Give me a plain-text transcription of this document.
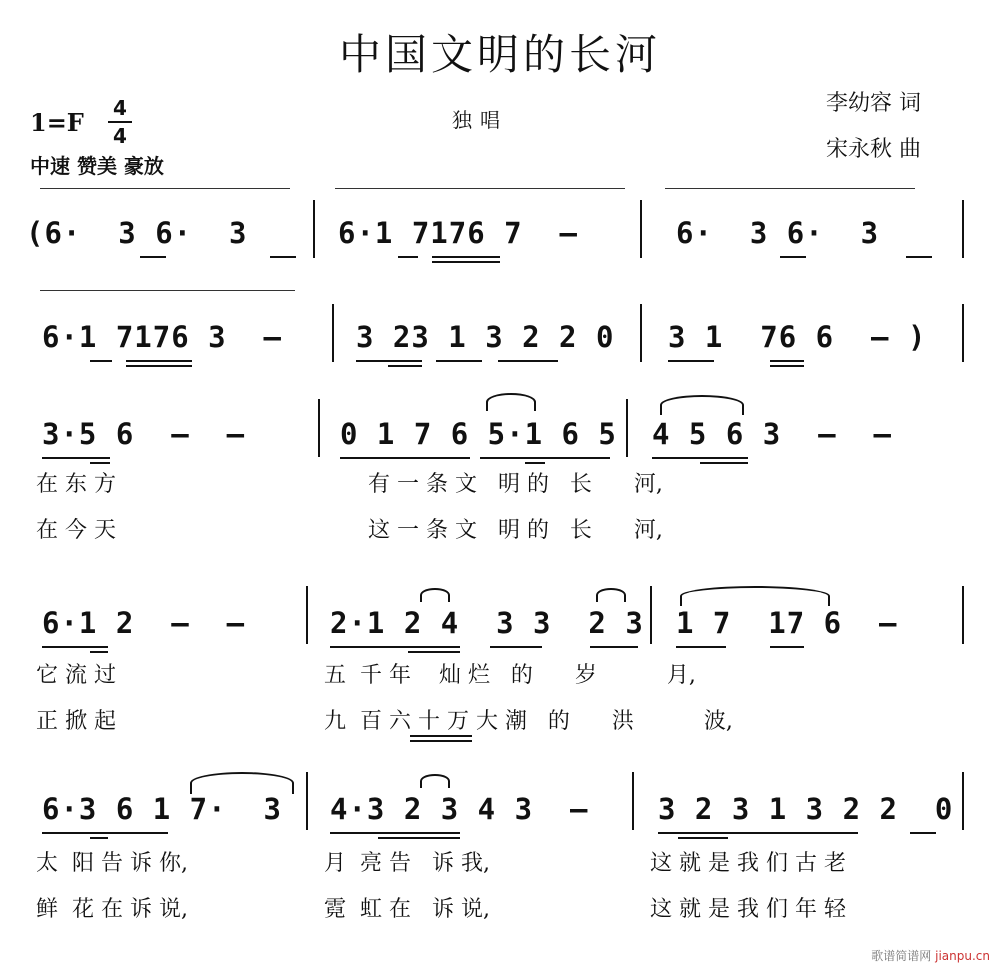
中国文明的长河
1=F 4
4
中速 赞美 豪放
独唱
李幼容 词
宋永秋 曲
(6·  3 6·  3	6·1 7176 7  –	6·  3 6·  3
6·1 7176 3  –	3 23 1 3 2 2 0 3 1  76 6  – )
3·5 6  –  –	0 1 7 6 5·1 6 5 4 5 6 3  –  –
在 东 方	有 一 条 文   明 的   长      河,
在 今 天	这 一 条 文   明 的   长      河,
6·1 2  –  –	2·1 2 4  3 3  2 3 1 7  17 6  –
它 流 过	五  千 年    灿 烂   的      岁          月,
正 掀 起	九  百 六 十 万 大 潮   的      洪          波,
6·3 6 1 7·  3 4·3 2 3 4 3  – 3 2 3 1 3 2 2  0
太  阳 告 诉 你,	月  亮 告   诉 我,	这 就 是 我 们 古 老
鲜  花 在 诉 说,	霓  虹 在   诉 说,	这 就 是 我 们 年 轻
歌谱简谱网 jianpu.cn
